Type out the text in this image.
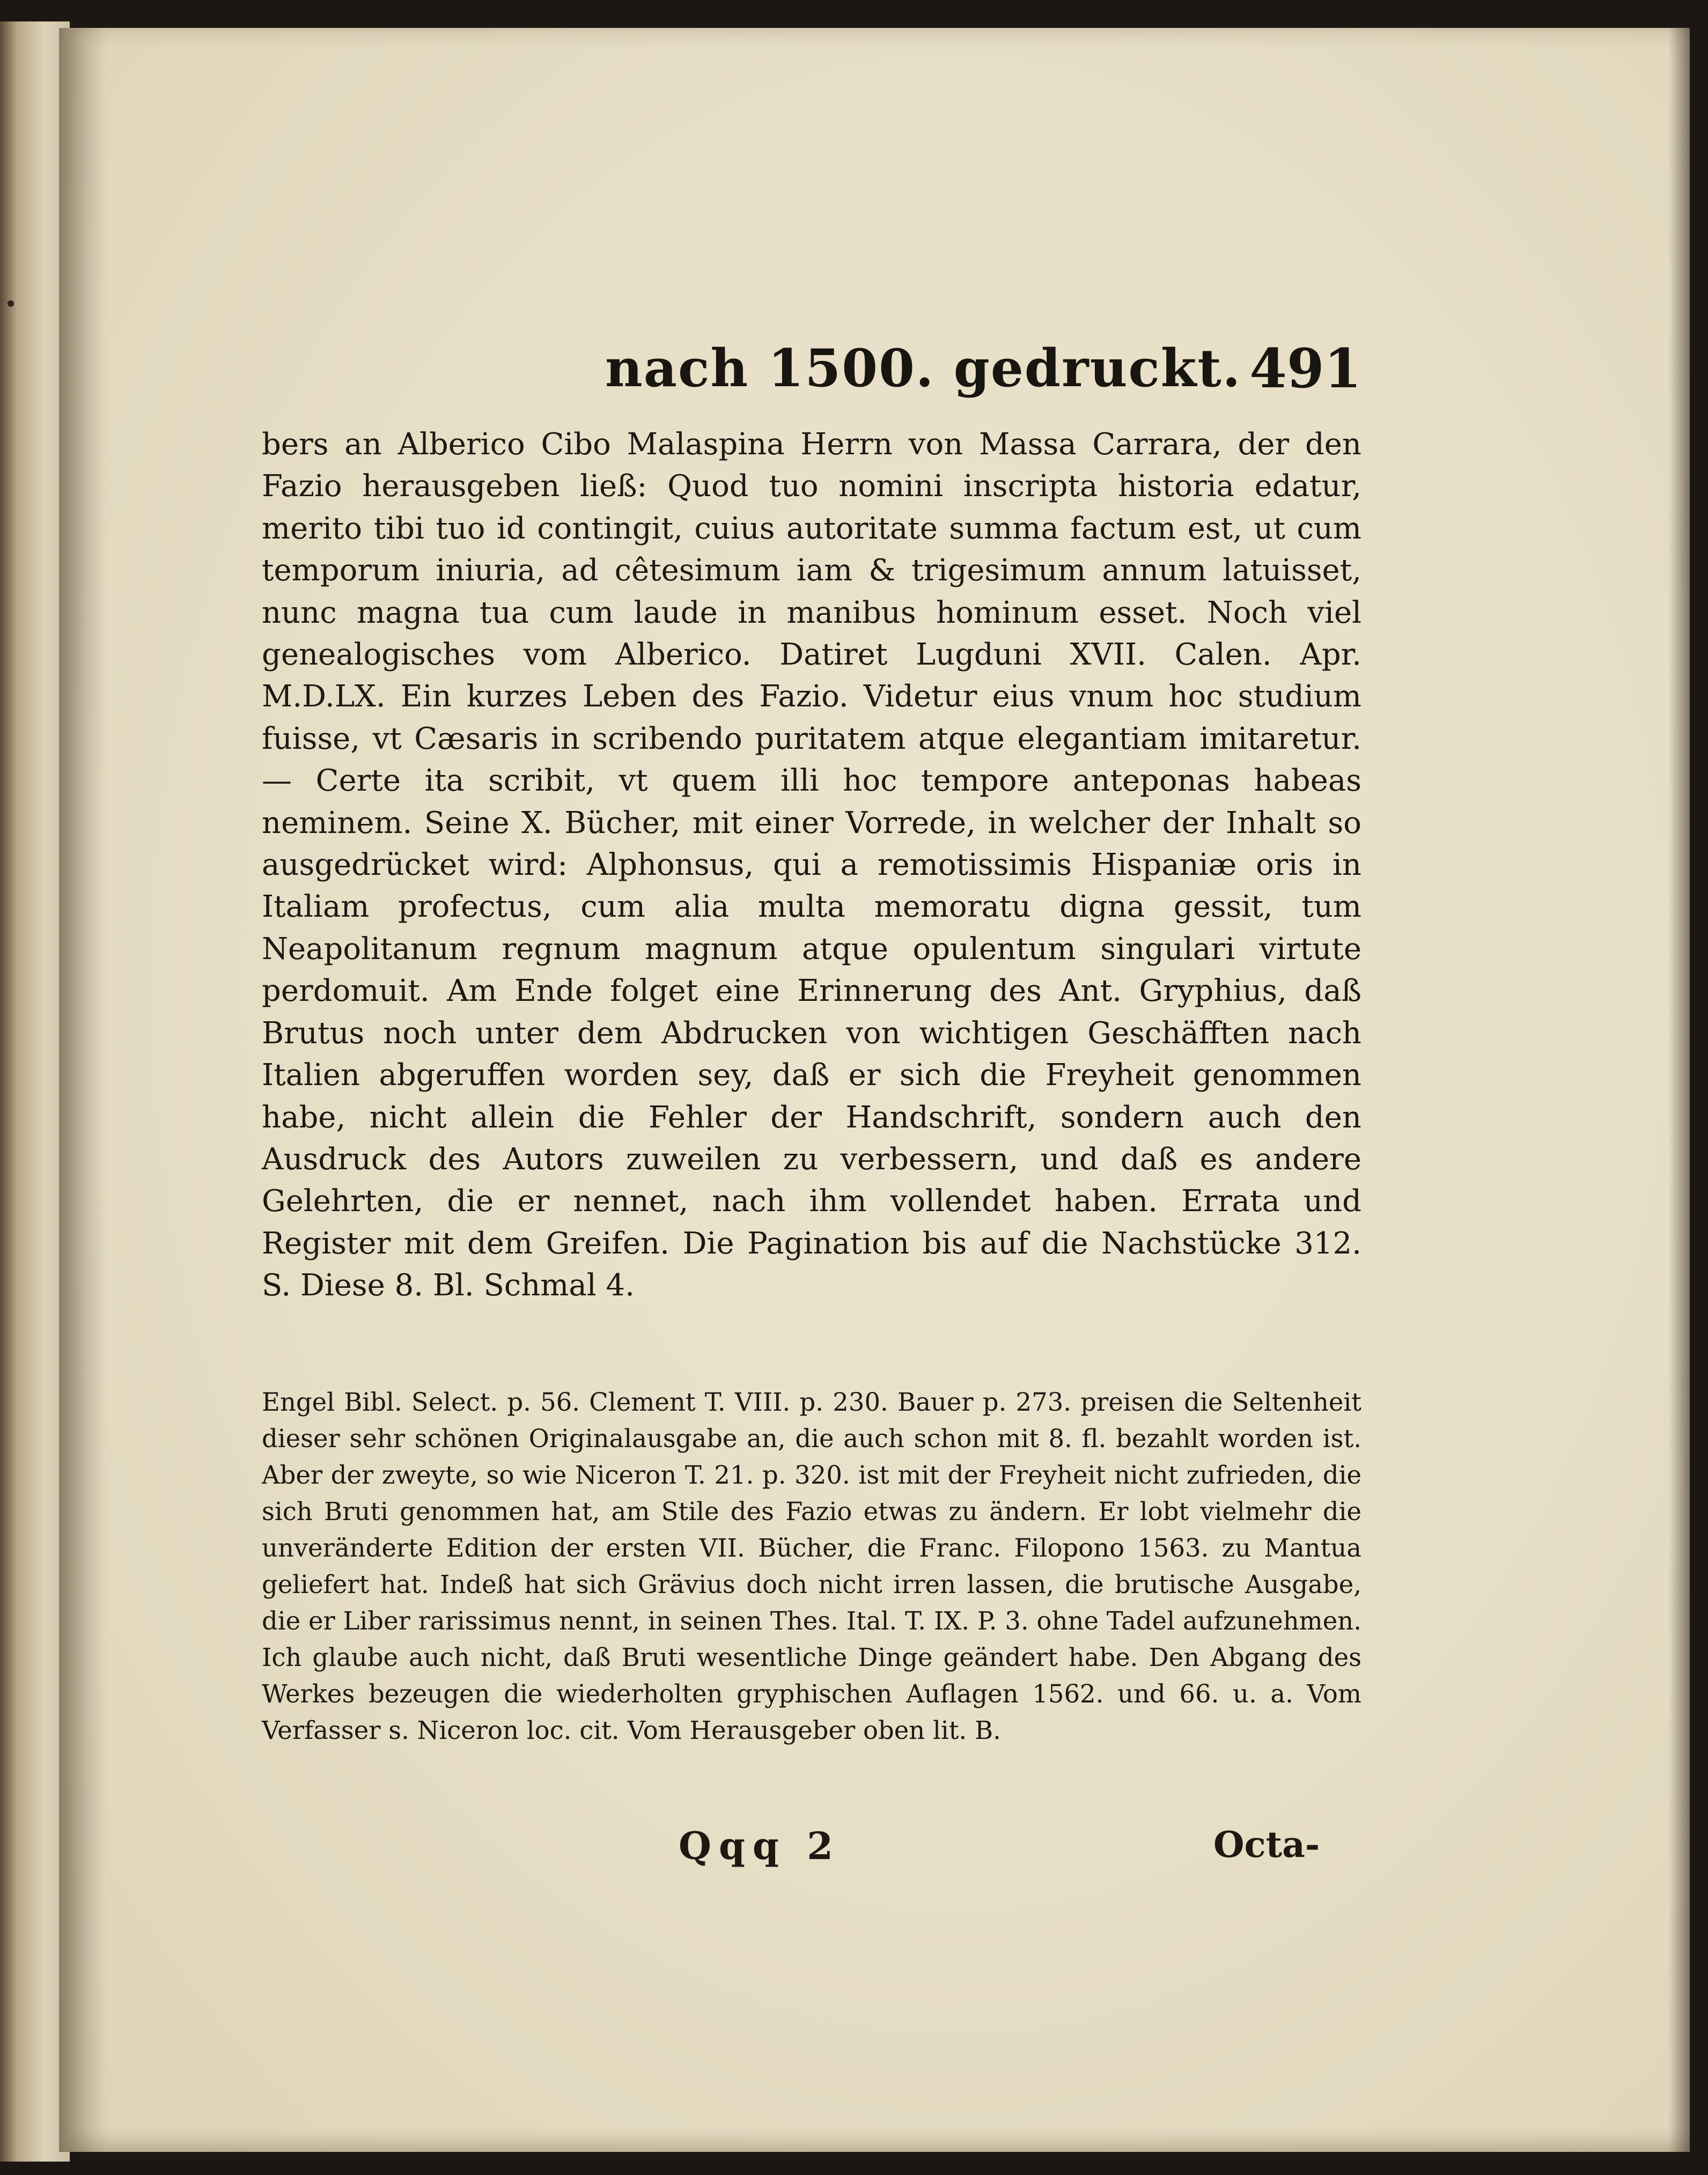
nach 1500. gedruckt. 491

bers an Alberico Cibo Malaspina Herrn von Massa Carrara, der den Fazio herausgeben ließ: Quod tuo nomini inscripta historia edatur, merito tibi tuo id contingit, cuius autoritate summa factum est, ut cum temporum iniuria, ad cêtesimum iam & trigesimum annum latuisset, nunc magna tua cum laude in manibus hominum esset. Noch viel genealogisches vom Alberico. Datiret Lugduni XVII. Calen. Apr. M.D.LX. Ein kurzes Leben des Fazio. Videtur eius vnum hoc studium fuisse, vt Cæsaris in scribendo puritatem atque elegantiam imitaretur. — Certe ita scribit, vt quem illi hoc tempore anteponas habeas neminem. Seine X. Bücher, mit einer Vorrede, in welcher der Inhalt so ausgedrücket wird: Alphonsus, qui a remotissimis Hispaniæ oris in Italiam profectus, cum alia multa memoratu digna gessit, tum Neapolitanum regnum magnum atque opulentum singulari virtute perdomuit. Am Ende folget eine Erinnerung des Ant. Gryphius, daß Brutus noch unter dem Abdrucken von wichtigen Geschäfften nach Italien abgeruffen worden sey, daß er sich die Freyheit genommen habe, nicht allein die Fehler der Handschrift, sondern auch den Ausdruck des Autors zuweilen zu verbessern, und daß es andere Gelehrten, die er nennet, nach ihm vollendet haben. Errata und Register mit dem Greifen. Die Pagination bis auf die Nachstücke 312. S. Diese 8. Bl. Schmal 4.

Engel Bibl. Select. p. 56. Clement T. VIII. p. 230. Bauer p. 273. preisen die Seltenheit dieser sehr schönen Originalausgabe an, die auch schon mit 8. fl. bezahlt worden ist. Aber der zweyte, so wie Niceron T. 21. p. 320. ist mit der Freyheit nicht zufrieden, die sich Bruti genommen hat, am Stile des Fazio etwas zu ändern. Er lobt vielmehr die unveränderte Edition der ersten VII. Bücher, die Franc. Filopono 1563. zu Mantua geliefert hat. Indeß hat sich Grävius doch nicht irren lassen, die brutische Ausgabe, die er Liber rarissimus nennt, in seinen Thes. Ital. T. IX. P. 3. ohne Tadel aufzunehmen. Ich glaube auch nicht, daß Bruti wesentliche Dinge geändert habe. Den Abgang des Werkes bezeugen die wiederholten gryphischen Auflagen 1562. und 66. u. a. Vom Verfasser s. Niceron loc. cit. Vom Herausgeber oben lit. B.

Qqq 2	Octa-
